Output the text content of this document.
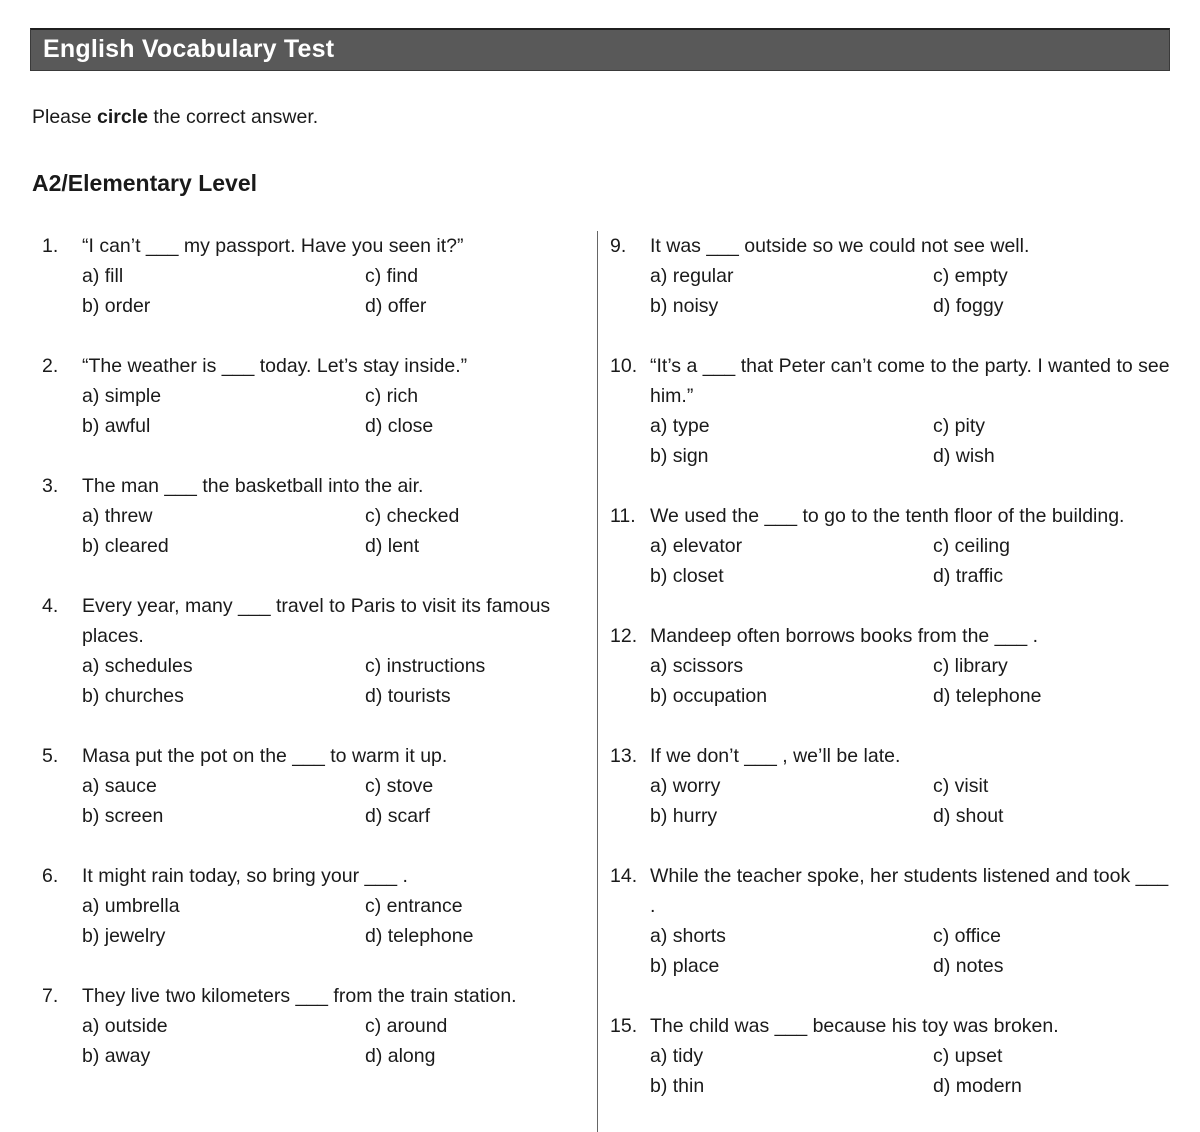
English Vocabulary Test

Please circle the correct answer.

A2/Elementary Level
1.	“I can’t ___ my passport. Have you seen it?”
a) fill
b) order
c) find
d) offer
2.	“The weather is ___ today. Let’s stay inside.”
a) simple
b) awful
c) rich
d) close
3.	The man ___ the basketball into the air.
a) threw
b) cleared
c) checked
d) lent
4.	Every year, many ___ travel to Paris to visit its famous places.
a) schedules
b) churches
c) instructions
d) tourists
5.	Masa put the pot on the ___ to warm it up.
a) sauce
b) screen
c) stove
d) scarf
6.	It might rain today, so bring your ___ .
a) umbrella
b) jewelry
c) entrance
d) telephone
7.	They live two kilometers ___ from the train station.
a) outside
b) away
c) around
d) along
9.	It was ___ outside so we could not see well.
a) regular
b) noisy
c) empty
d) foggy
10. “It’s a ___ that Peter can’t come to the party. I wanted to see him.”
a) type
b) sign
c) pity
d) wish
11. We used the ___ to go to the tenth floor of the building.
a) elevator
b) closet
c) ceiling
d) traffic
12. Mandeep often borrows books from the ___ .
a) scissors
b) occupation
c) library
d) telephone
13. If we don’t ___ , we’ll be late.
a) worry
b) hurry
c) visit
d) shout
14. While the teacher spoke, her students listened and took ___ .
a) shorts
b) place
c) office
d) notes
15. The child was ___ because his toy was broken.
a) tidy
b) thin
c) upset
d) modern
